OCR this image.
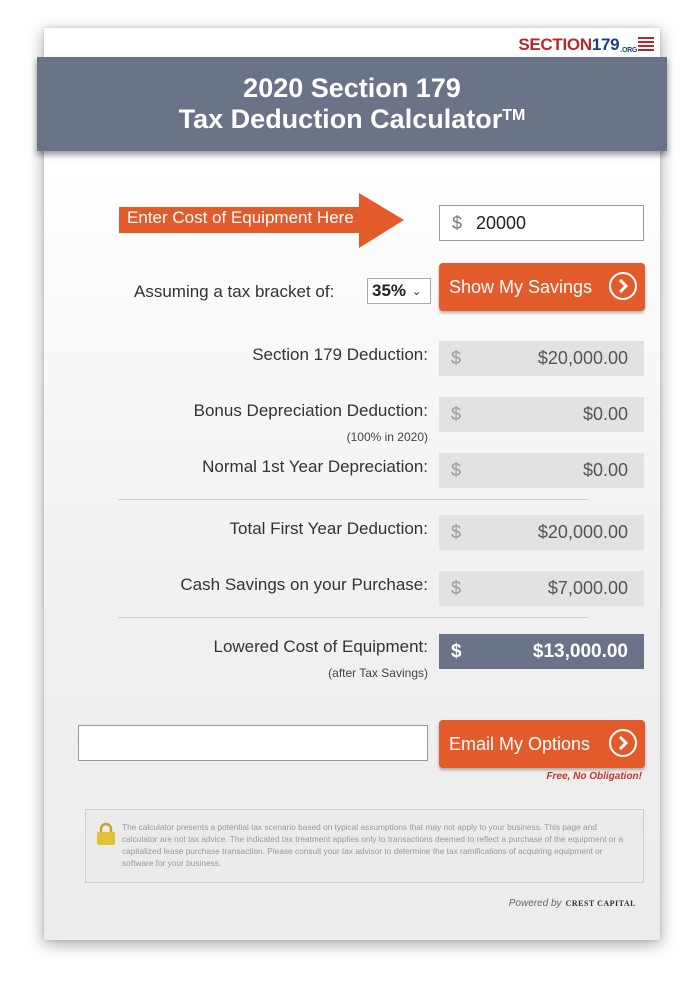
SECTION 179 .ORG
2020 Section 179
Tax Deduction Calculator™
Enter Cost of Equipment Here	$ 20000
Assuming a tax bracket of: 35% ⌄ Show My Savings
Section 179 Deduction: $	$20,000.00
Bonus Depreciation Deduction:
(100% in 2020)
$	$0.00
Normal 1st Year Depreciation: $	$0.00
Total First Year Deduction: $	$20,000.00
Cash Savings on your Purchase: $	$7,000.00
Lowered Cost of Equipment:
(after Tax Savings)
$	$13,000.00
Email My Options
Free, No Obligation!
The calculator presents a potential tax scenario based on typical assumptions that may not apply to your business. This page and calculator are not tax advice. The indicated tax treatment applies only to transactions deemed to reflect a purchase of the equipment or a capitalized lease purchase transaction. Please consult your tax advisor to determine the tax ramifications of acquiring equipment or software for your business.
Powered by CREST CAPITAL
